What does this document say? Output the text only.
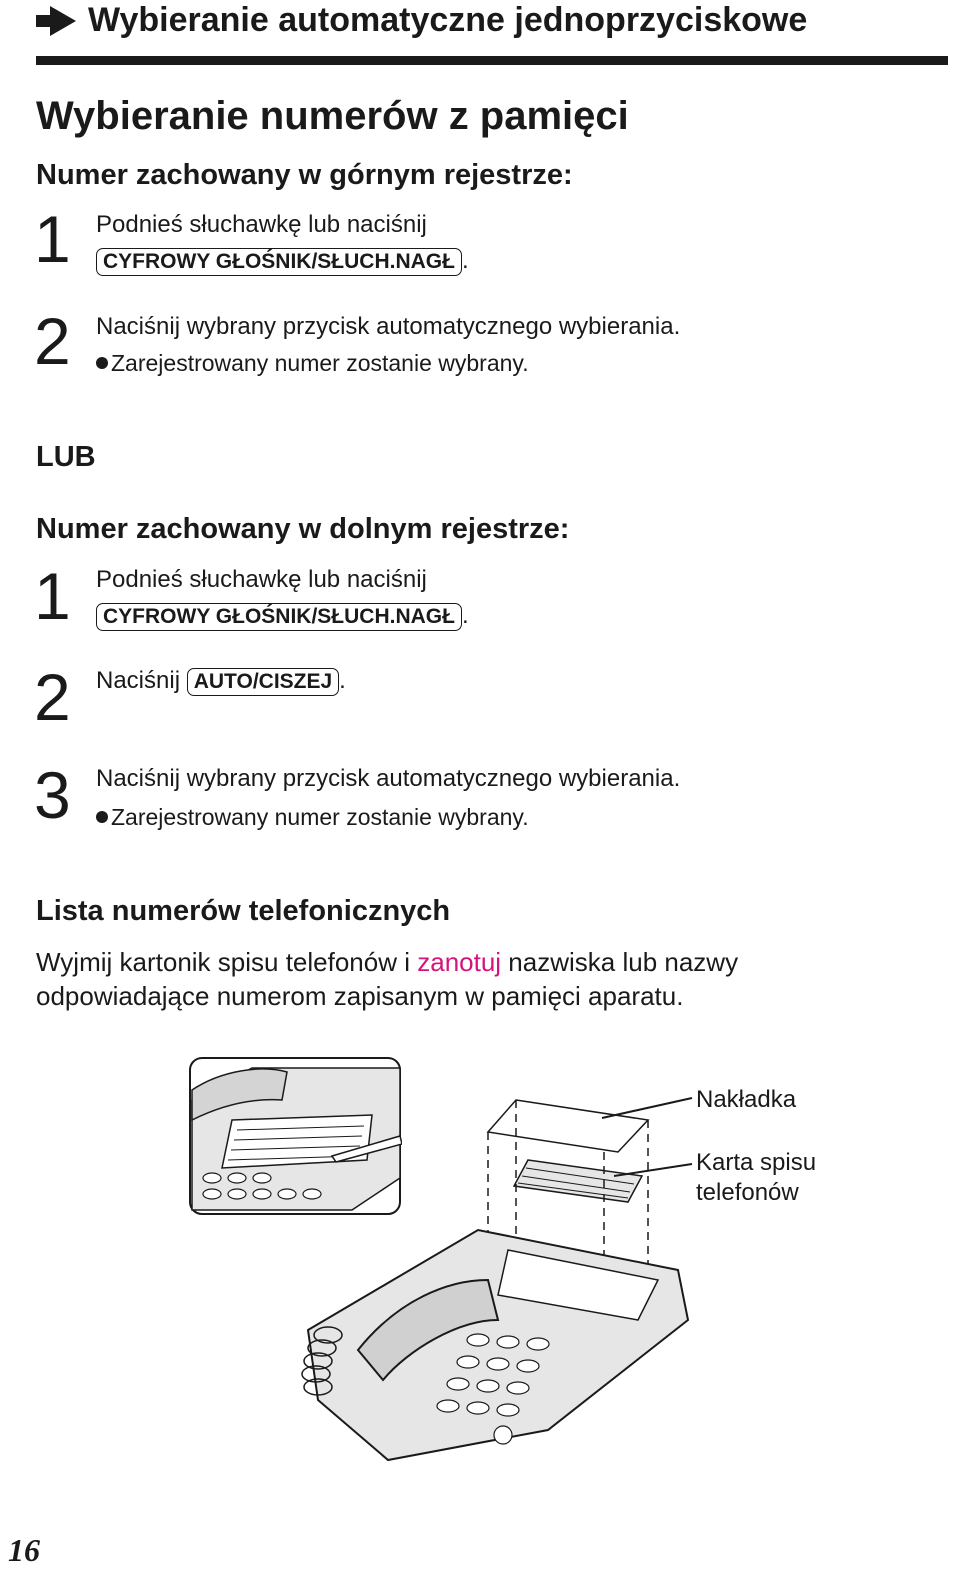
Wybieranie automatyczne jednoprzyciskowe
Wybieranie numerów z pamięci
Numer zachowany w górnym rejestrze:
1 Podnieś słuchawkę lub naciśnij
CYFROWY GŁOŚNIK/SŁUCH.NAGŁ .
2 Naciśnij wybrany przycisk automatycznego wybierania.
Zarejestrowany numer zostanie wybrany.
LUB
Numer zachowany w dolnym rejestrze:
1 Podnieś słuchawkę lub naciśnij
CYFROWY GŁOŚNIK/SŁUCH.NAGŁ .
2 Naciśnij AUTO/CISZEJ .
3 Naciśnij wybrany przycisk automatycznego wybierania.
Zarejestrowany numer zostanie wybrany.
Lista numerów telefonicznych
Wyjmij kartonik spisu telefonów i zanotuj nazwiska lub nazwy
odpowiadające numerom zapisanym w pamięci aparatu.
Nakładka
Karta spisu
telefonów
16
